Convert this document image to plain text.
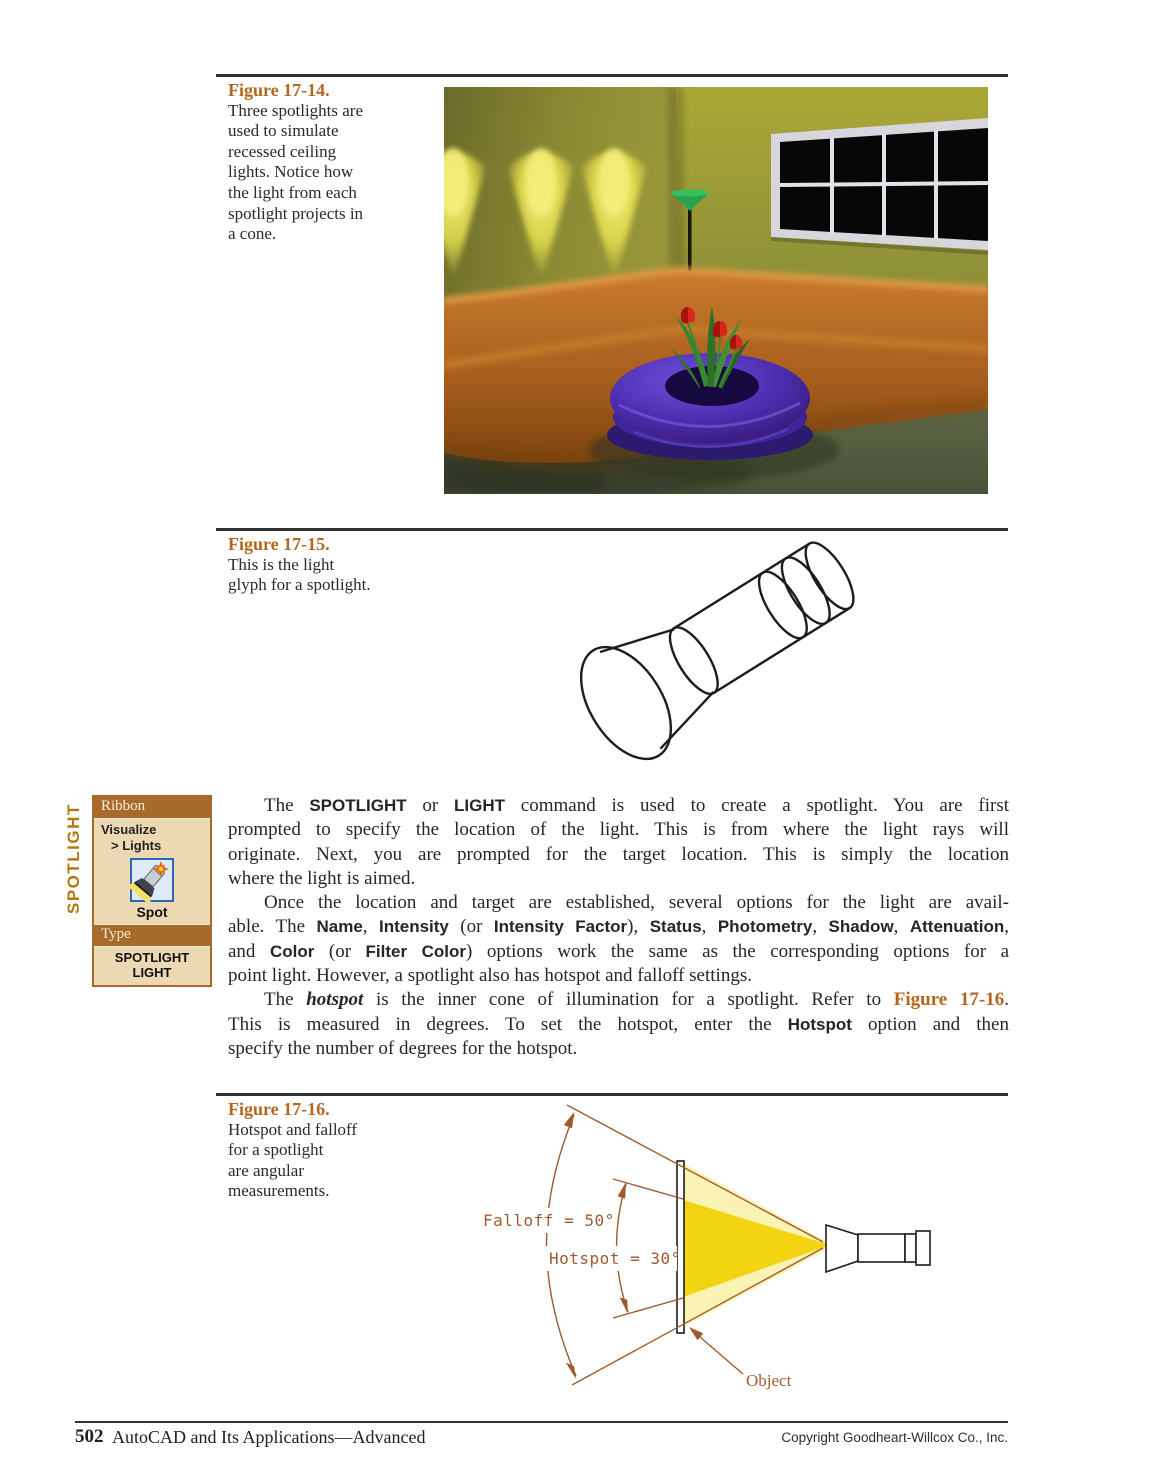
Figure 17-14.
Three spotlights are
used to simulate
recessed ceiling
lights. Notice how
the light from each
spotlight projects in
a cone.
Figure 17-15.
This is the light
glyph for a spotlight.
SPOTLIGHT	Ribbon
Visualize
> Lights
Spot
Type
SPOTLIGHT
LIGHT
The SPOTLIGHT or LIGHT command is used to create a spotlight. You are first
prompted to specify the location of the light. This is from where the light rays will
originate. Next, you are prompted for the target location. This is simply the location
where the light is aimed.
Once the location and target are established, several options for the light are avail-
able. The Name, Intensity (or Intensity Factor), Status, Photometry, Shadow, Attenuation,
and Color (or Filter Color) options work the same as the corresponding options for a
point light. However, a spotlight also has hotspot and falloff settings.
The hotspot is the inner cone of illumination for a spotlight. Refer to Figure 17-16.
This is measured in degrees. To set the hotspot, enter the Hotspot option and then
specify the number of degrees for the hotspot.
Figure 17-16.
Hotspot and falloff
for a spotlight
are angular
measurements.
Falloff = 50°
Hotspot = 30°
Object
502 AutoCAD and Its Applications—Advanced	Copyright Goodheart-Willcox Co., Inc.
